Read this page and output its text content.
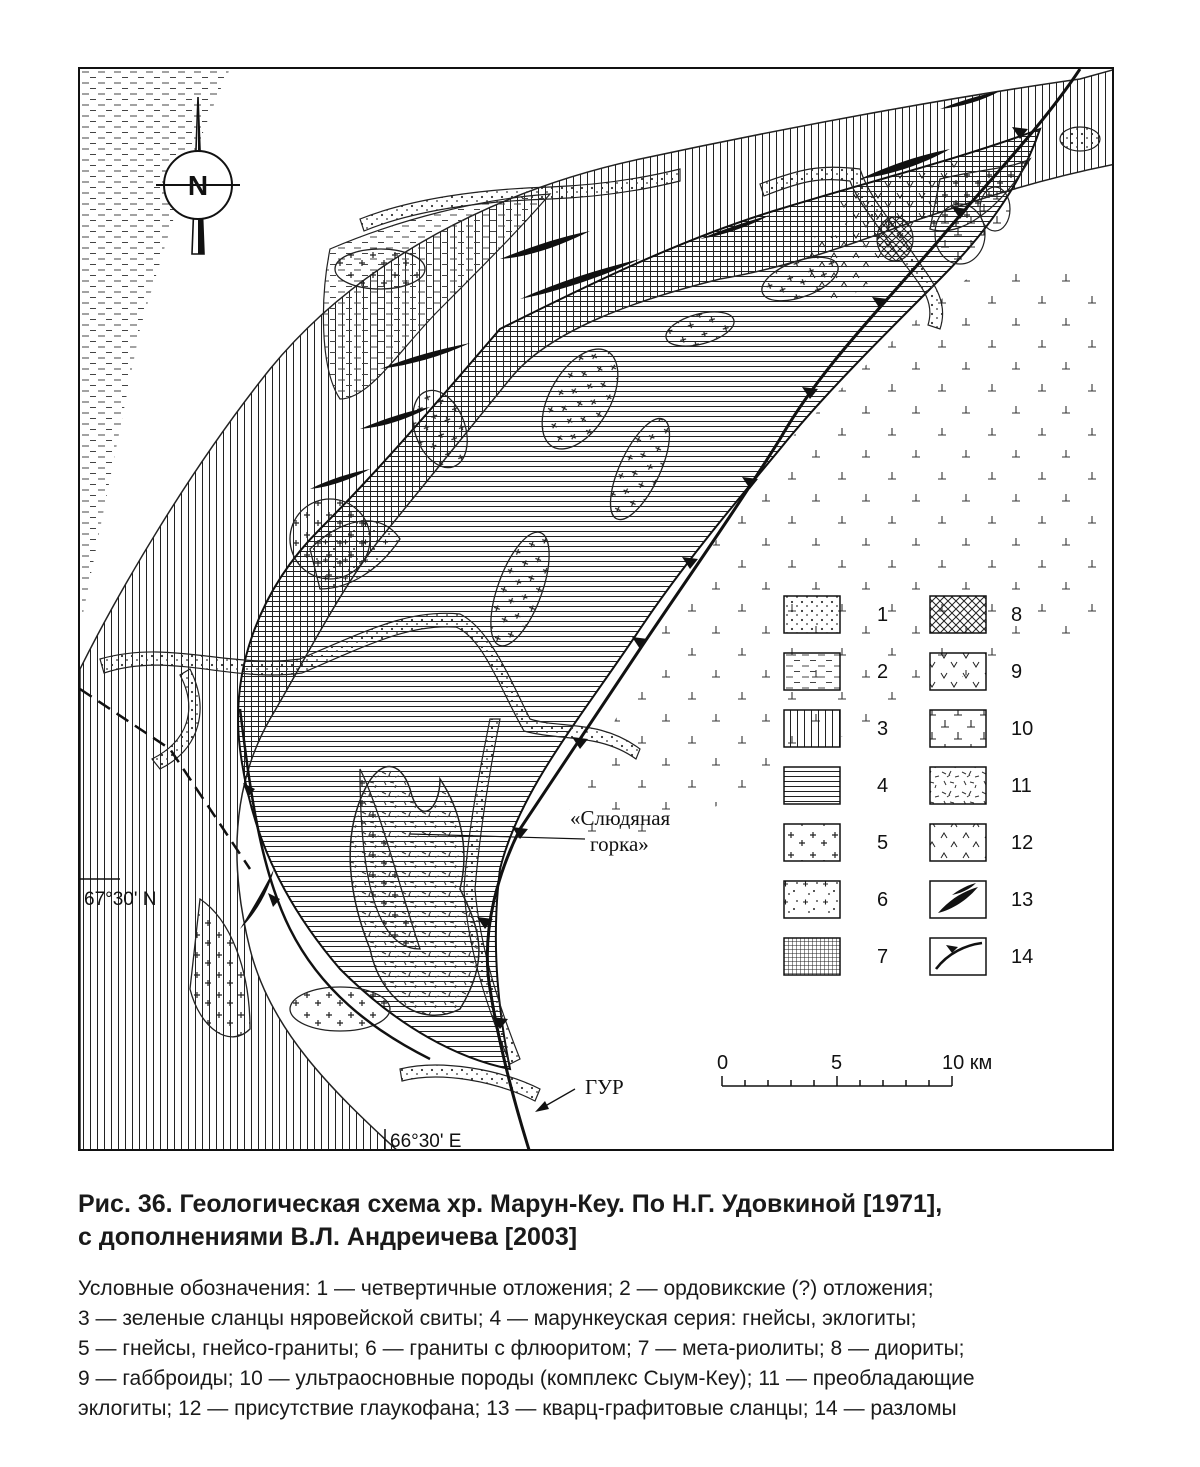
N
67°30' N
66°30' E
«Слюдяная
горка»
ГУР
1
2
3
4
5
6
7
8
9
10
11
12
13
14
0	5	10 км

Рис. 36. Геологическая схема хр. Марун-Кеу. По Н.Г. Удовкиной [1971],
с дополнениями В.Л. Андреичева [2003]

Условные обозначения: 1 — четвертичные отложения; 2 — ордовикские (?) отложения;
3 — зеленые сланцы няровейской свиты; 4 — марункеуская серия: гнейсы, эклогиты;
5 — гнейсы, гнейсо-граниты; 6 — граниты с флюоритом; 7 — мета-риолиты; 8 — диориты;
9 — габброиды; 10 — ультраосновные породы (комплекс Сыум-Кеу); 11 — преобладающие
эклогиты; 12 — присутствие глаукофана; 13 — кварц-графитовые сланцы; 14 — разломы
